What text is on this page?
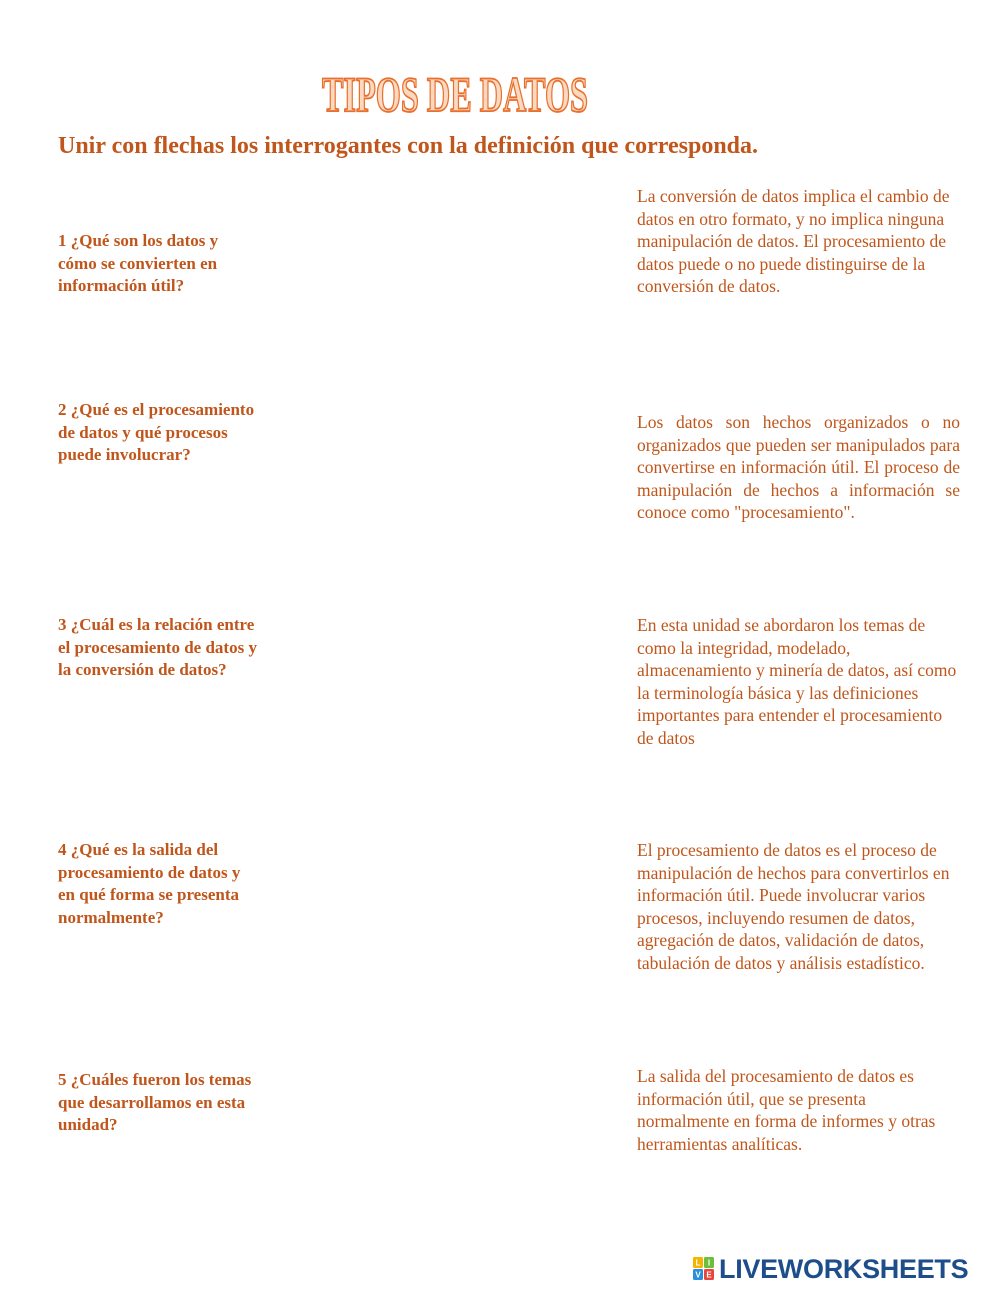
TIPOS DE DATOS

Unir con flechas los interrogantes con la definición que corresponda.

1 ¿Qué son los datos y cómo se convierten en información útil?

2 ¿Qué es el procesamiento de datos y qué procesos puede involucrar?

3 ¿Cuál es la relación entre el procesamiento de datos y la conversión de datos?

4 ¿Qué es la salida del procesamiento de datos y en qué forma se presenta normalmente?

5 ¿Cuáles fueron los temas que desarrollamos en esta unidad?

La conversión de datos implica el cambio de datos en otro formato, y no implica ninguna manipulación de datos. El procesamiento de datos puede o no puede distinguirse de la conversión de datos.

Los datos son hechos organizados o no organizados que pueden ser manipulados para convertirse en información útil. El proceso de manipulación de hechos a información se conoce como "procesamiento".

En esta unidad se abordaron los temas de como la integridad, modelado, almacenamiento y minería de datos, así como la terminología básica y las definiciones importantes para entender el procesamiento de datos

El procesamiento de datos es el proceso de manipulación de hechos para convertirlos en información útil. Puede involucrar varios procesos, incluyendo resumen de datos, agregación de datos, validación de datos, tabulación de datos y análisis estadístico.

La salida del procesamiento de datos es información útil, que se presenta normalmente en forma de informes y otras herramientas analíticas.

L I
V E LIVEWORKSHEETS
